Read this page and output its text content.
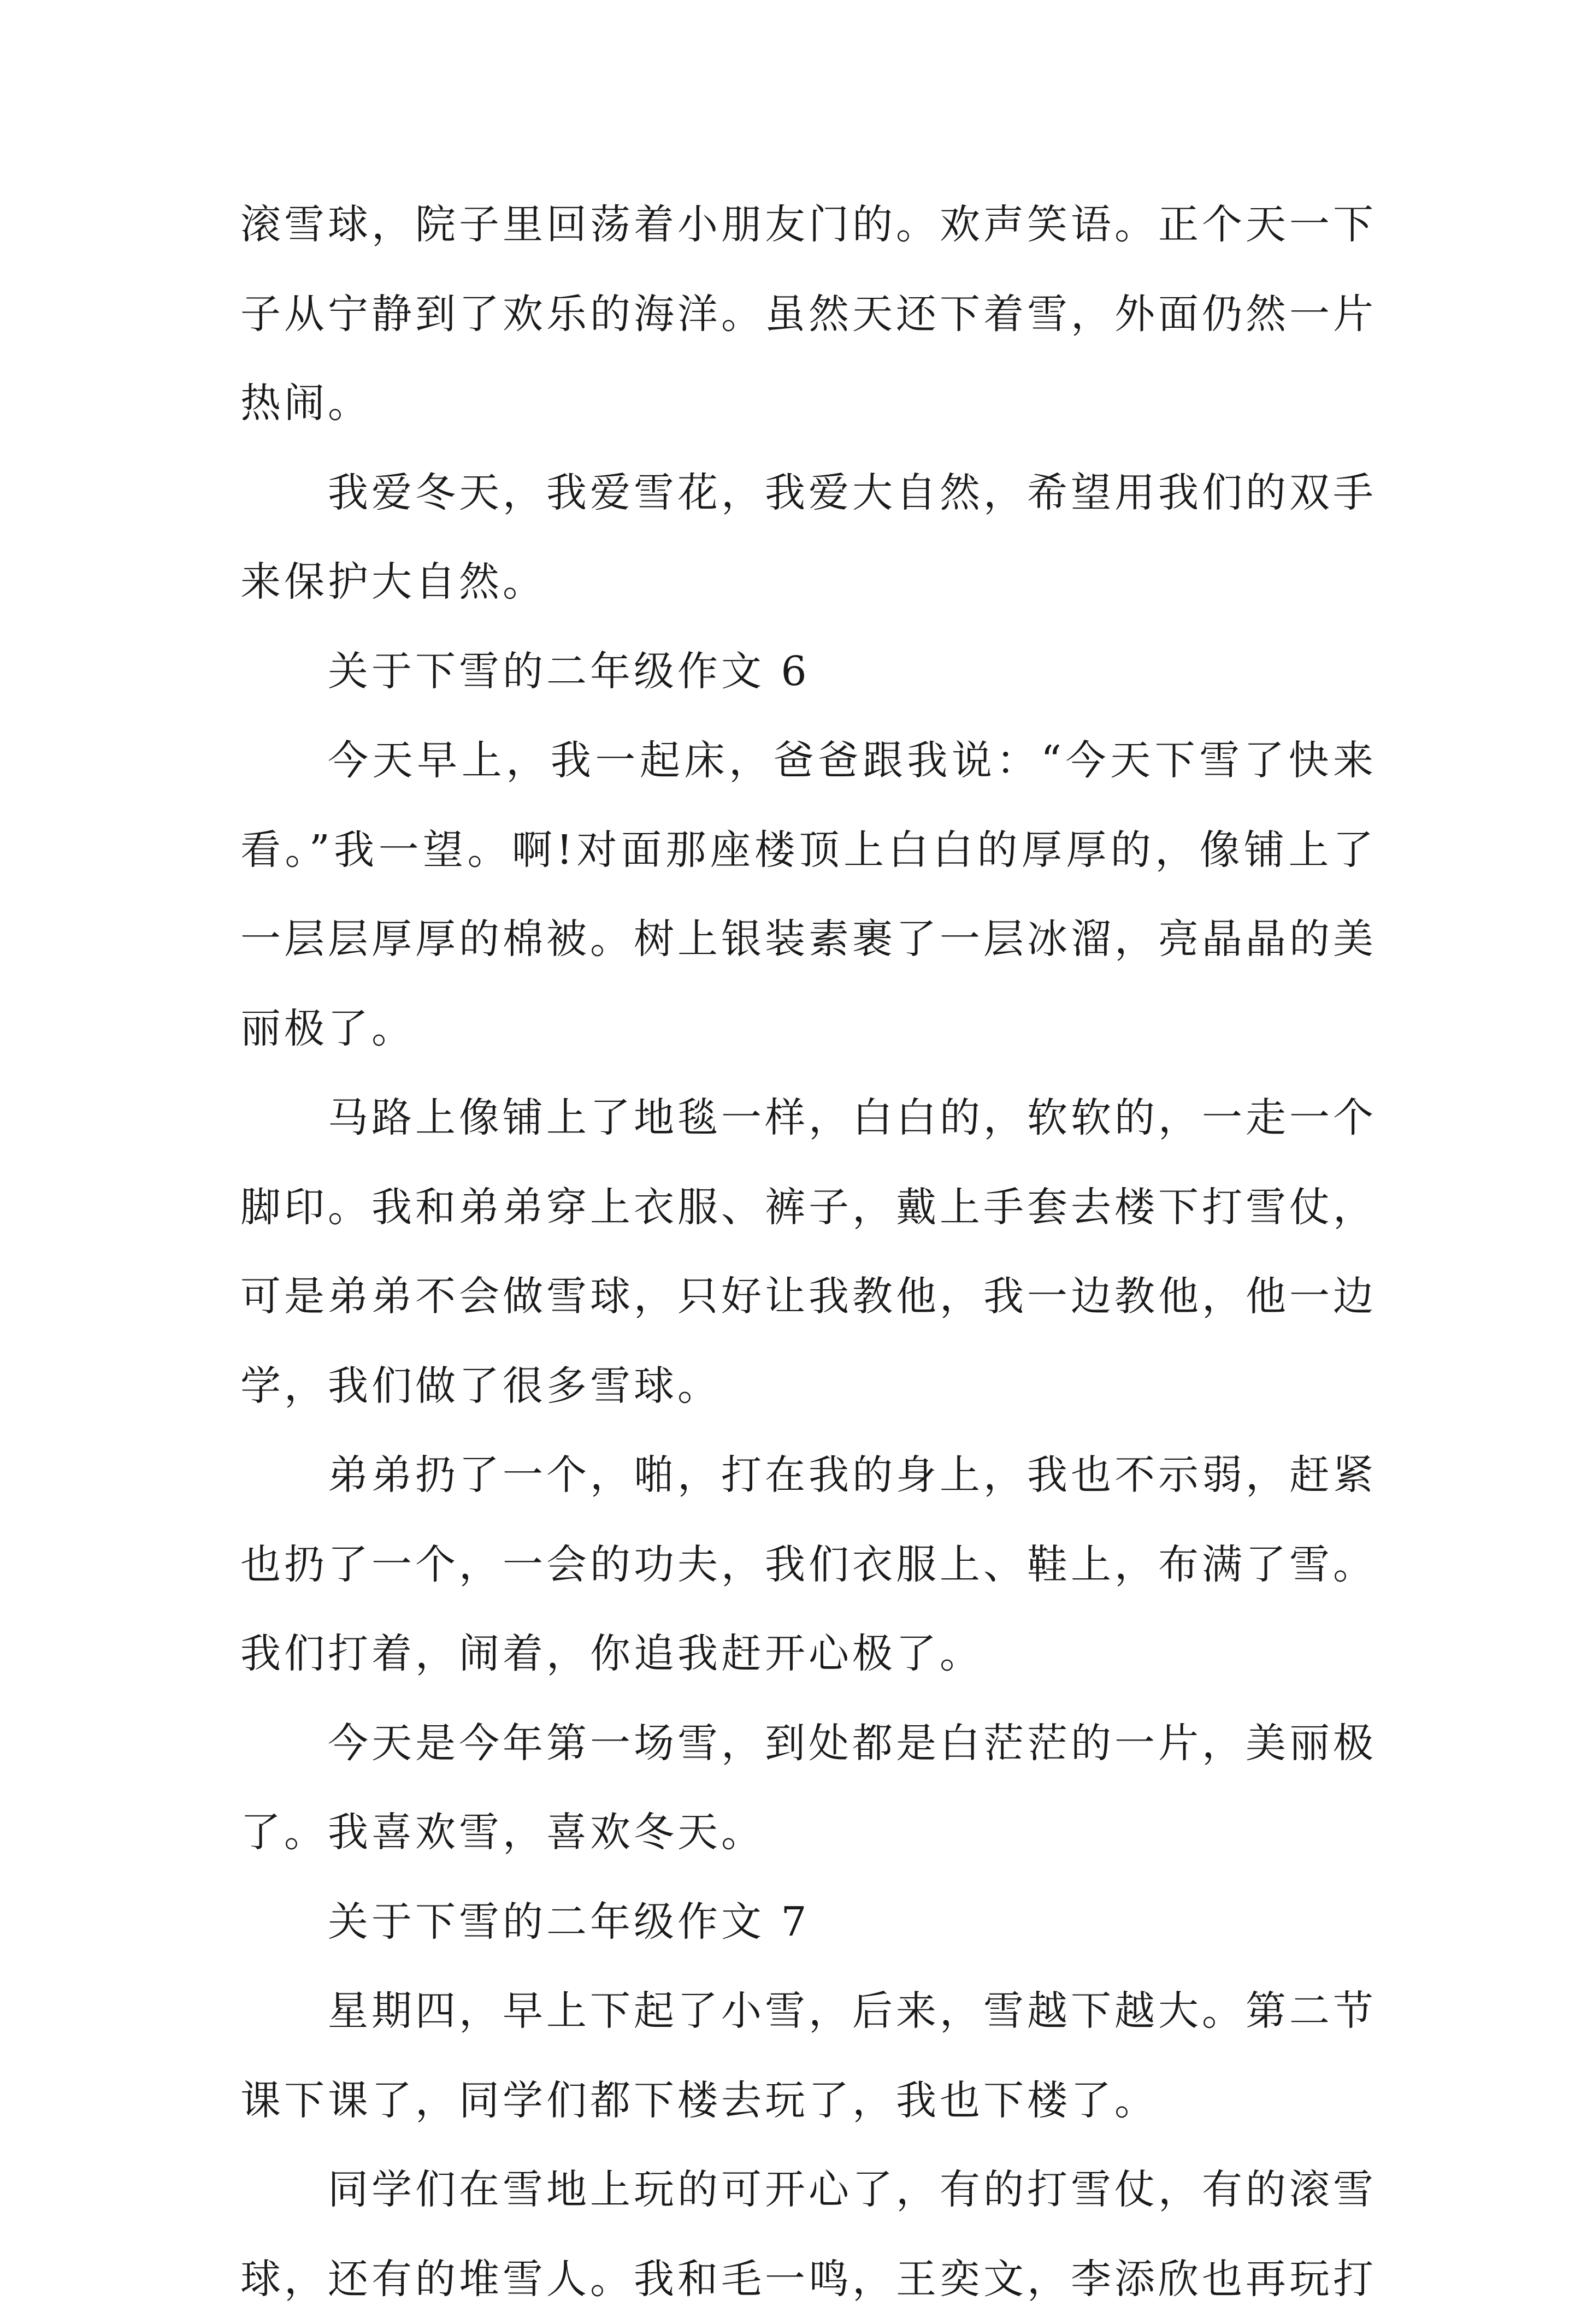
滚雪球，院子里回荡着小朋友门的。欢声笑语。正个天一下子从宁静到了欢乐的海洋。虽然天还下着雪，外面仍然一片热闹。

我爱冬天，我爱雪花，我爱大自然，希望用我们的双手来保护大自然。

关于下雪的二年级作文 6

今天早上，我一起床，爸爸跟我说：“今天下雪了快来看。”我一望。啊!对面那座楼顶上白白的厚厚的，像铺上了一层层厚厚的棉被。树上银装素裹了一层冰溜，亮晶晶的美丽极了。

马路上像铺上了地毯一样，白白的，软软的，一走一个脚印。我和弟弟穿上衣服、裤子，戴上手套去楼下打雪仗，可是弟弟不会做雪球，只好让我教他，我一边教他，他一边学，我们做了很多雪球。

弟弟扔了一个，啪，打在我的身上，我也不示弱，赶紧也扔了一个，一会的功夫，我们衣服上、鞋上，布满了雪。我们打着，闹着，你追我赶开心极了。

今天是今年第一场雪，到处都是白茫茫的一片，美丽极了。我喜欢雪，喜欢冬天。

关于下雪的二年级作文 7

星期四，早上下起了小雪，后来，雪越下越大。第二节课下课了，同学们都下楼去玩了，我也下楼了。

同学们在雪地上玩的可开心了，有的打雪仗，有的滚雪球，还有的堆雪人。我和毛一鸣，王奕文，李添欣也再玩打
